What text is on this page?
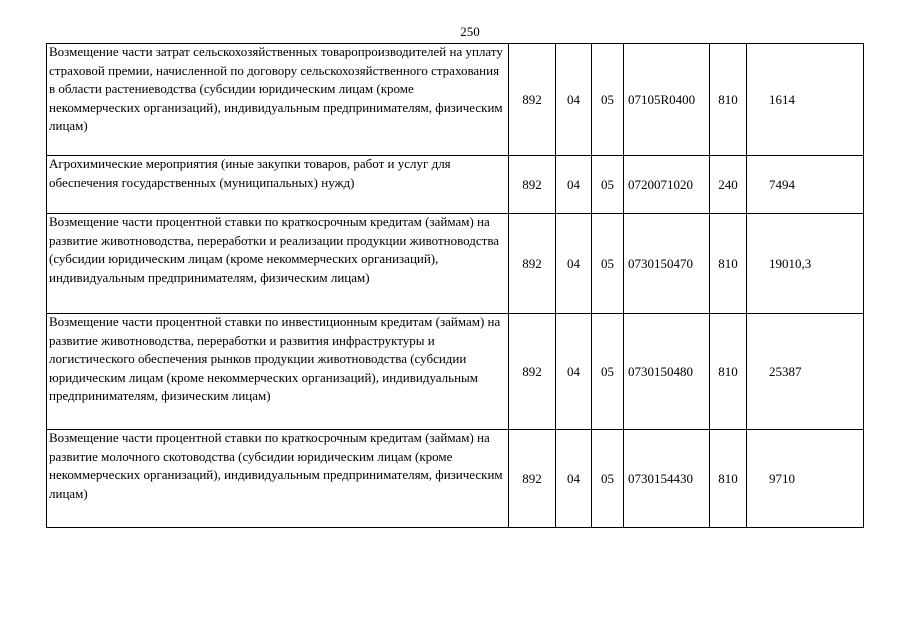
250
Возмещение части затрат сельскохозяйственных товаропроизводителей на уплату страховой премии, начисленной по договору сельскохозяйственного страхования в области растениеводства (субсидии юридическим лицам (кроме некоммерческих организаций), индивидуальным предпринимателям, физическим лицам)	892	04	05	07105R0400	810	1614

Агрохимические мероприятия (иные закупки товаров, работ и услуг для обеспечения государственных (муниципальных) нужд)	892	04	05	0720071020	240	7494

Возмещение части процентной ставки по краткосрочным кредитам (займам) на развитие животноводства, переработки и реализации продукции животноводства (субсидии юридическим лицам (кроме некоммерческих организаций), индивидуальным предпринимателям, физическим лицам)	892	04	05	0730150470	810	19010,3

Возмещение части процентной ставки по инвестиционным кредитам (займам) на развитие животноводства, переработки и развития инфраструктуры и логистического обеспечения рынков продукции животноводства (субсидии юридическим лицам (кроме некоммерческих организаций), индивидуальным предпринимателям, физическим лицам)	892	04	05	0730150480	810	25387

Возмещение части процентной ставки по краткосрочным кредитам (займам) на развитие молочного скотоводства (субсидии юридическим лицам (кроме некоммерческих организаций), индивидуальным предпринимателям, физическим лицам)	892	04	05	0730154430	810	9710
